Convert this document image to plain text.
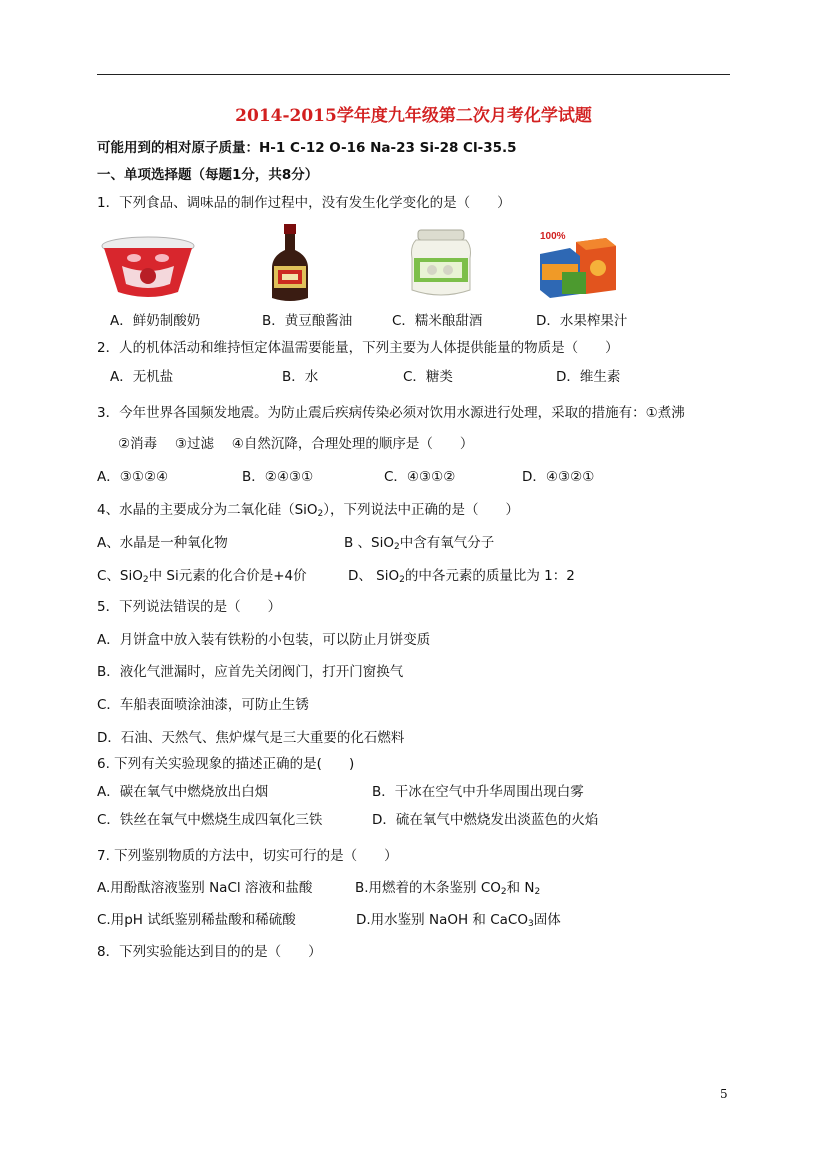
2014-2015学年度九年级第二次月考化学试题
可能用到的相对原子质量：H-1 C-12 O-16 Na-23 Si-28 Cl-35.5
一、单项选择题（每题1分，共8分）
1．下列食品、调味品的制作过程中，没有发生化学变化的是（　　）
100%
A．鲜奶制酸奶	B．黄豆酿酱油	C．糯米酿甜酒	D．水果榨果汁
2．人的机体活动和维持恒定体温需要能量，下列主要为人体提供能量的物质是（　　）
A．无机盐	B．水	C．糖类	D．维生素
3．今年世界各国频发地震。为防止震后疾病传染必须对饮用水源进行处理，采取的措施有：①煮沸
②消毒　 ③过滤　 ④自然沉降，合理处理的顺序是（　　）
A．③①②④	B．②④③①	C．④③①②	D．④③②①
4、水晶的主要成分为二氧化硅（SiO$_2$），下列说法中正确的是（　　）
A、水晶是一种氧化物	B 、SiO$_2$中含有氧气分子
C、SiO$_2$中 Si元素的化合价是+4价	D、 SiO$_2$的中各元素的质量比为 1：2
5．下列说法错误的是（　　）
A．月饼盒中放入装有铁粉的小包装，可以防止月饼变质
B．液化气泄漏时，应首先关闭阀门，打开门窗换气
C．车船表面喷涂油漆，可防止生锈
D．石油、天然气、焦炉煤气是三大重要的化石燃料
6. 下列有关实验现象的描述正确的是(　　)
A．碳在氧气中燃烧放出白烟	B．干冰在空气中升华周围出现白雾
C．铁丝在氧气中燃烧生成四氧化三铁	D．硫在氧气中燃烧发出淡蓝色的火焰
7. 下列鉴别物质的方法中，切实可行的是（　　）
A.用酚酞溶液鉴别 NaCl 溶液和盐酸	B.用燃着的木条鉴别 $CO_2$和 $N_2$
C.用pH 试纸鉴别稀盐酸和稀硫酸	D.用水鉴别 NaOH 和 CaCO$_3$固体
8．下列实验能达到目的的是（　　）
5
